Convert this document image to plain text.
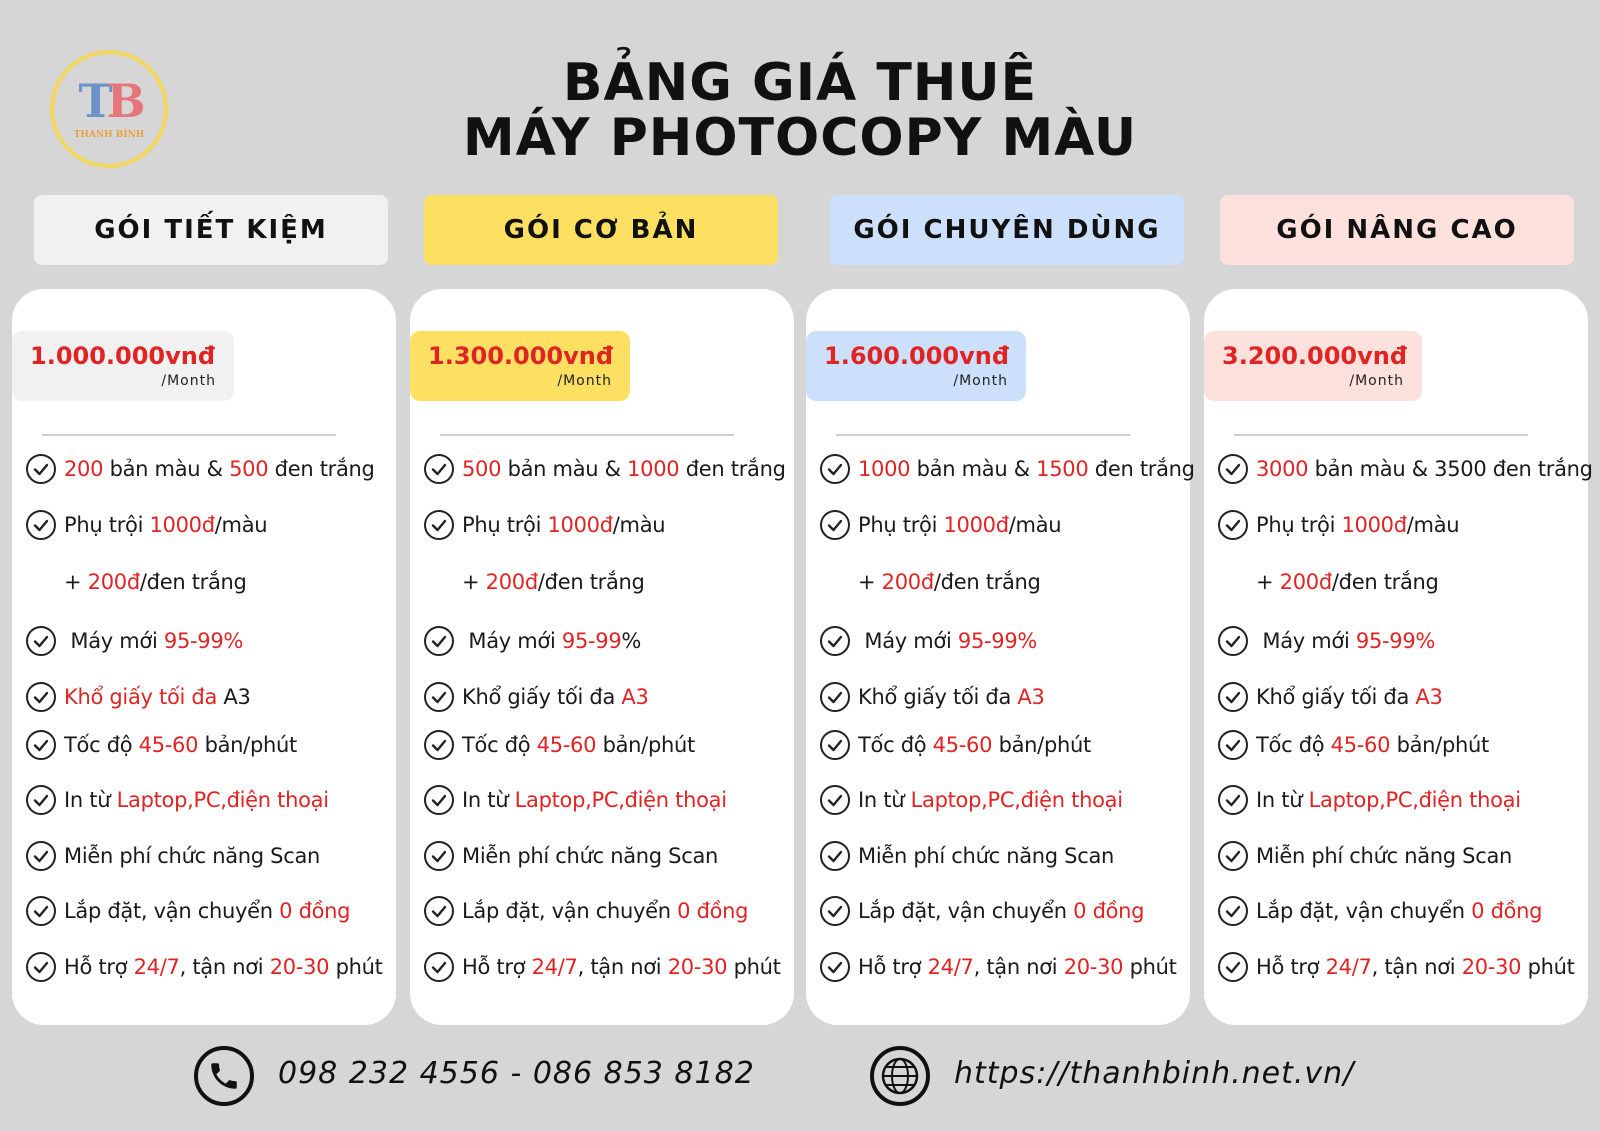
TB
THANH BÌNH
BẢNG GIÁ THUÊ
MÁY PHOTOCOPY MÀU
GÓI TIẾT KIỆM	GÓI CƠ BẢN	GÓI CHUYÊN DÙNG	GÓI NÂNG CAO
1.000.000vnđ
/Month
200 bản màu & 500 đen trắng
Phụ trội 1000đ/màu
+ 200đ/đen trắng
Máy mới 95-99%
Khổ giấy tối đa A3
Tốc độ 45-60 bản/phút
In từ Laptop,PC,điện thoại
Miễn phí chức năng Scan
Lắp đặt, vận chuyển 0 đồng
Hỗ trợ 24/7, tận nơi 20-30 phút
1.300.000vnđ
/Month
500 bản màu & 1000 đen trắng
Phụ trội 1000đ/màu
+ 200đ/đen trắng
Máy mới 95-99%
Khổ giấy tối đa A3
Tốc độ 45-60 bản/phút
In từ Laptop,PC,điện thoại
Miễn phí chức năng Scan
Lắp đặt, vận chuyển 0 đồng
Hỗ trợ 24/7, tận nơi 20-30 phút
1.600.000vnđ
/Month
1000 bản màu & 1500 đen trắng
Phụ trội 1000đ/màu
+ 200đ/đen trắng
Máy mới 95-99%
Khổ giấy tối đa A3
Tốc độ 45-60 bản/phút
In từ Laptop,PC,điện thoại
Miễn phí chức năng Scan
Lắp đặt, vận chuyển 0 đồng
Hỗ trợ 24/7, tận nơi 20-30 phút
3.200.000vnđ
/Month
3000 bản màu & 3500 đen trắng
Phụ trội 1000đ/màu
+ 200đ/đen trắng
Máy mới 95-99%
Khổ giấy tối đa A3
Tốc độ 45-60 bản/phút
In từ Laptop,PC,điện thoại
Miễn phí chức năng Scan
Lắp đặt, vận chuyển 0 đồng
Hỗ trợ 24/7, tận nơi 20-30 phút
098 232 4556 - 086 853 8182	https://thanhbinh.net.vn/
